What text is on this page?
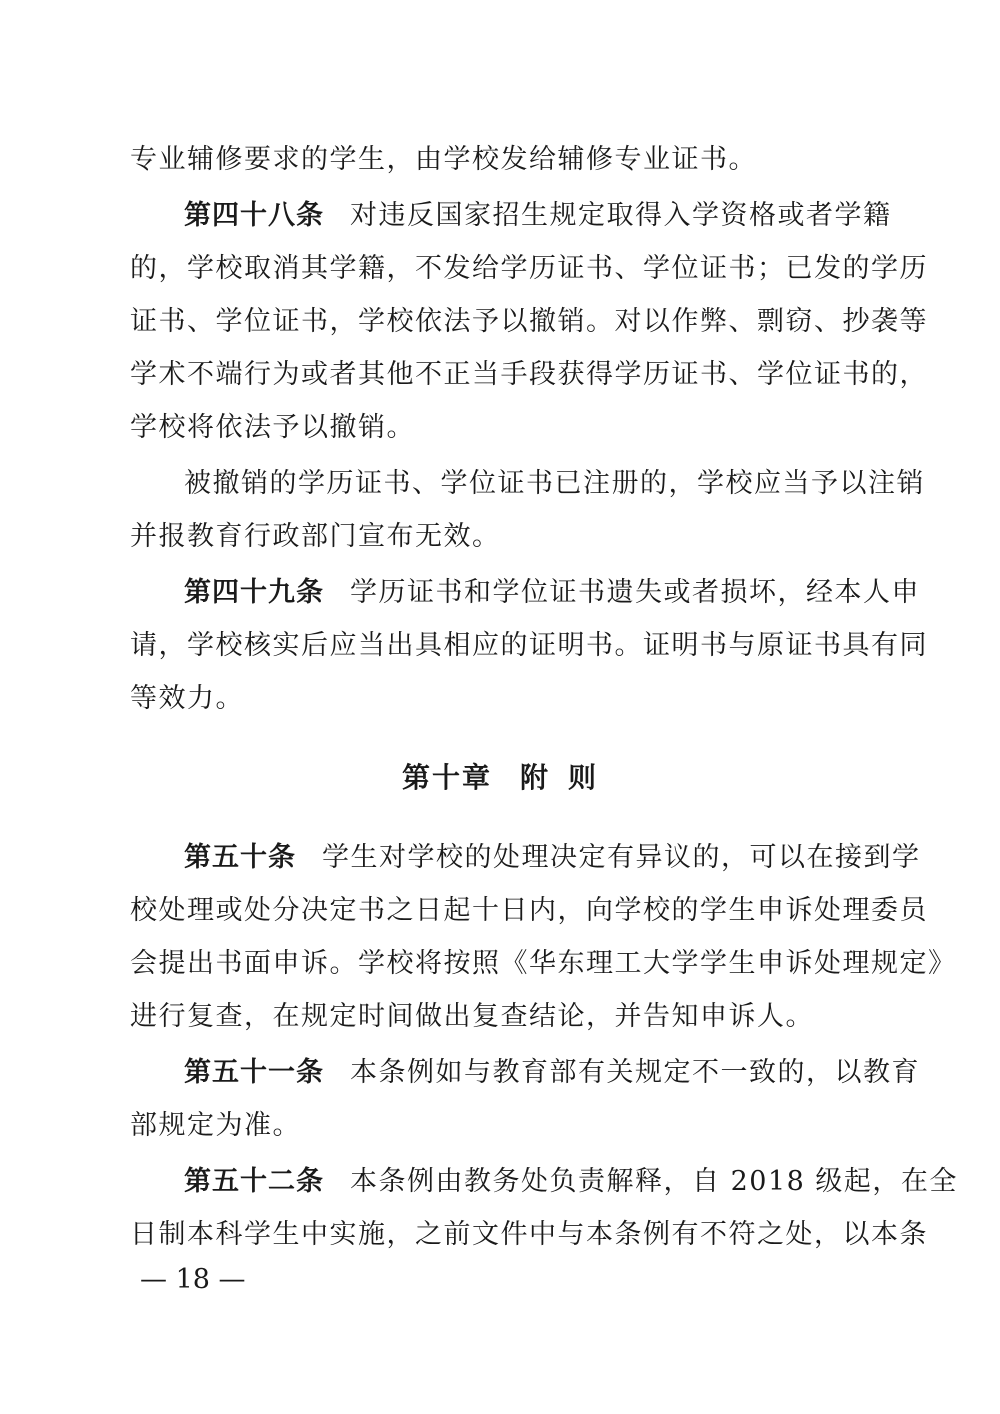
专业辅修要求的学生，由学校发给辅修专业证书。
第四十八条 对违反国家招生规定取得入学资格或者学籍
的，学校取消其学籍，不发给学历证书、学位证书；已发的学历
证书、学位证书，学校依法予以撤销。对以作弊、剽窃、抄袭等
学术不端行为或者其他不正当手段获得学历证书、学位证书的，
学校将依法予以撤销。
被撤销的学历证书、学位证书已注册的，学校应当予以注销
并报教育行政部门宣布无效。
第四十九条 学历证书和学位证书遗失或者损坏，经本人申
请，学校核实后应当出具相应的证明书。证明书与原证书具有同
等效力。
第十章 附 则
第五十条 学生对学校的处理决定有异议的，可以在接到学
校处理或处分决定书之日起十日内，向学校的学生申诉处理委员
会提出书面申诉。学校将按照《华东理工大学学生申诉处理规定》
进行复查，在规定时间做出复查结论，并告知申诉人。
第五十一条 本条例如与教育部有关规定不一致的，以教育
部规定为准。
第五十二条 本条例由教务处负责解释，自 2018 级起，在全
日制本科学生中实施，之前文件中与本条例有不符之处，以本条
— 18 —
